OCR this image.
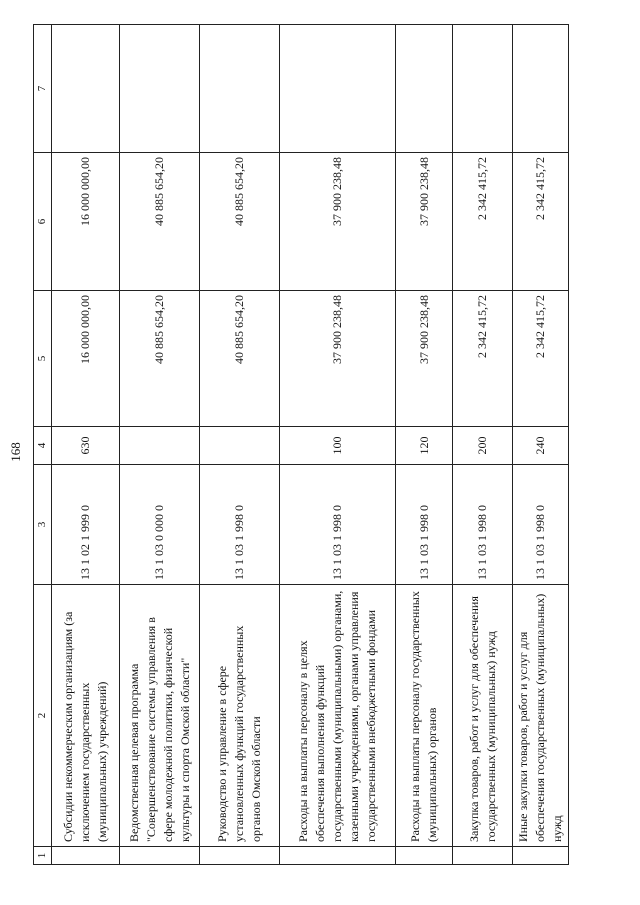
168
1	2	3	4	5	6	7
	Субсидии некоммерческим организациям (за исключением государственных (муниципальных) учреждений)	13 1 02 1 999 0	630	16 000 000,00	16 000 000,00	
	Ведомственная целевая программа "Совершенствование системы управления в сфере молодежной политики, физической культуры и спорта Омской области"	13 1 03 0 000 0		40 885 654,20	40 885 654,20	
	Руководство и управление в сфере установленных функций государственных органов Омской области	13 1 03 1 998 0		40 885 654,20	40 885 654,20	
	Расходы на выплаты персоналу в целях обеспечения выполнения функций государственными (муниципальными) органами, казенными учреждениями, органами управления государственными внебюджетными фондами	13 1 03 1 998 0	100	37 900 238,48	37 900 238,48	
	Расходы на выплаты персоналу государственных (муниципальных) органов	13 1 03 1 998 0	120	37 900 238,48	37 900 238,48	
	Закупка товаров, работ и услуг для обеспечения государственных (муниципальных) нужд	13 1 03 1 998 0	200	2 342 415,72	2 342 415,72	
	Иные закупки товаров, работ и услуг для обеспечения государственных (муниципальных) нужд	13 1 03 1 998 0	240	2 342 415,72	2 342 415,72	
